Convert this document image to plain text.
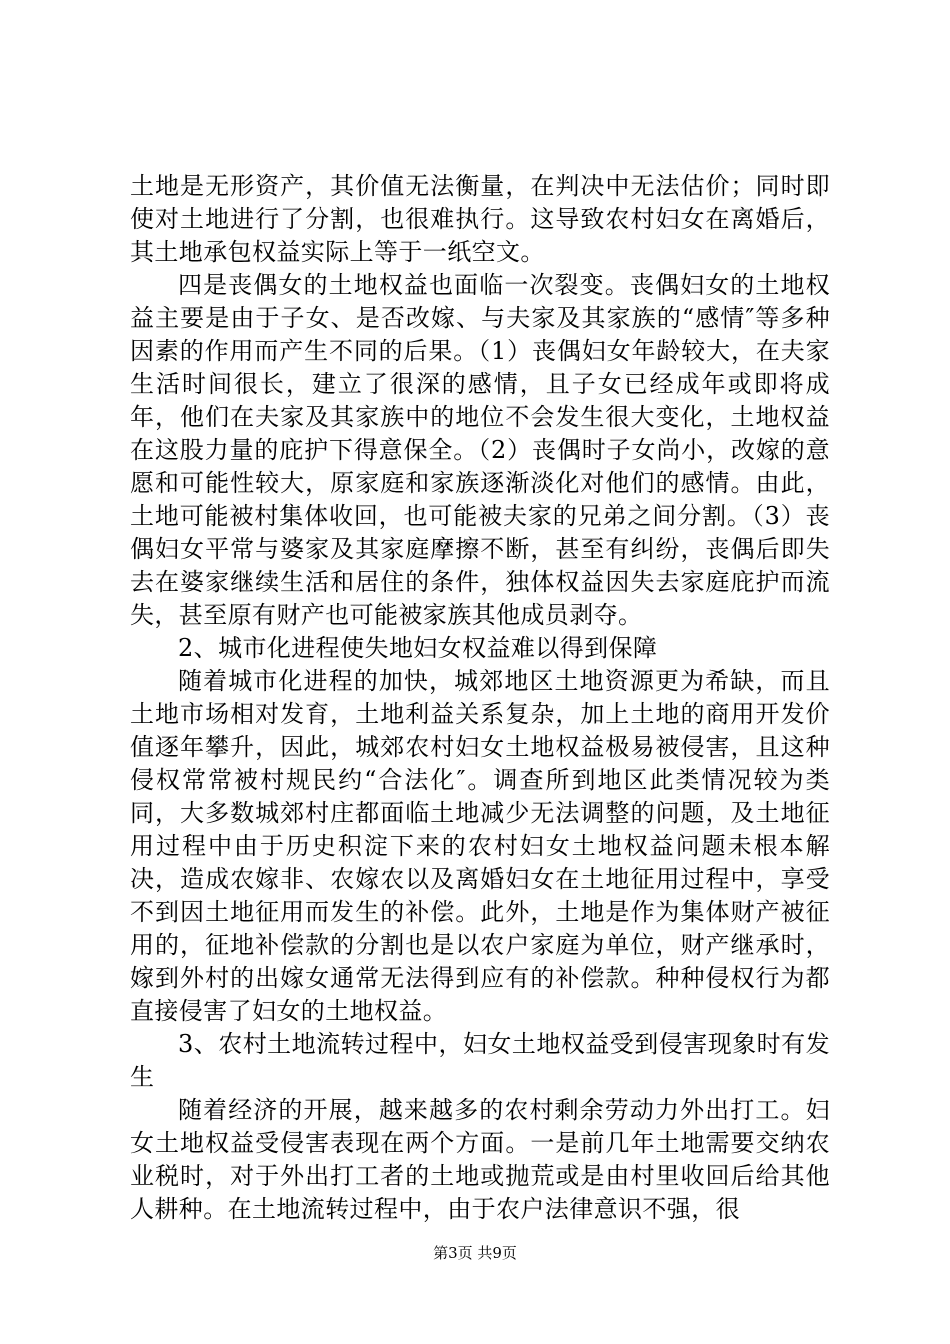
土地是无形资产，其价值无法衡量，在判决中无法估价；同时即使对土地进行了分割，也很难执行。这导致农村妇女在离婚后，其土地承包权益实际上等于一纸空文。

四是丧偶女的土地权益也面临一次裂变。丧偶妇女的土地权益主要是由于子女、是否改嫁、与夫家及其家族的“感情″等多种因素的作用而产生不同的后果。（1）丧偶妇女年龄较大，在夫家生活时间很长，建立了很深的感情，且子女已经成年或即将成年，他们在夫家及其家族中的地位不会发生很大变化，土地权益在这股力量的庇护下得意保全。（2）丧偶时子女尚小，改嫁的意愿和可能性较大，原家庭和家族逐渐淡化对他们的感情。由此，土地可能被村集体收回，也可能被夫家的兄弟之间分割。（3）丧偶妇女平常与婆家及其家庭摩擦不断，甚至有纠纷，丧偶后即失去在婆家继续生活和居住的条件，独体权益因失去家庭庇护而流失，甚至原有财产也可能被家族其他成员剥夺。

2、城市化进程使失地妇女权益难以得到保障

随着城市化进程的加快，城郊地区土地资源更为希缺，而且土地市场相对发育，土地利益关系复杂，加上土地的商用开发价值逐年攀升，因此，城郊农村妇女土地权益极易被侵害，且这种侵权常常被村规民约“合法化″。调查所到地区此类情况较为类同，大多数城郊村庄都面临土地减少无法调整的问题，及土地征用过程中由于历史积淀下来的农村妇女土地权益问题未根本解决，造成农嫁非、农嫁农以及离婚妇女在土地征用过程中，享受不到因土地征用而发生的补偿。此外，土地是作为集体财产被征用的，征地补偿款的分割也是以农户家庭为单位，财产继承时，嫁到外村的出嫁女通常无法得到应有的补偿款。种种侵权行为都直接侵害了妇女的土地权益。

3、农村土地流转过程中，妇女土地权益受到侵害现象时有发生

随着经济的开展，越来越多的农村剩余劳动力外出打工。妇女土地权益受侵害表现在两个方面。一是前几年土地需要交纳农业税时，对于外出打工者的土地或抛荒或是由村里收回后给其他人耕种。在土地流转过程中，由于农户法律意识不强，很

第3页 共9页
